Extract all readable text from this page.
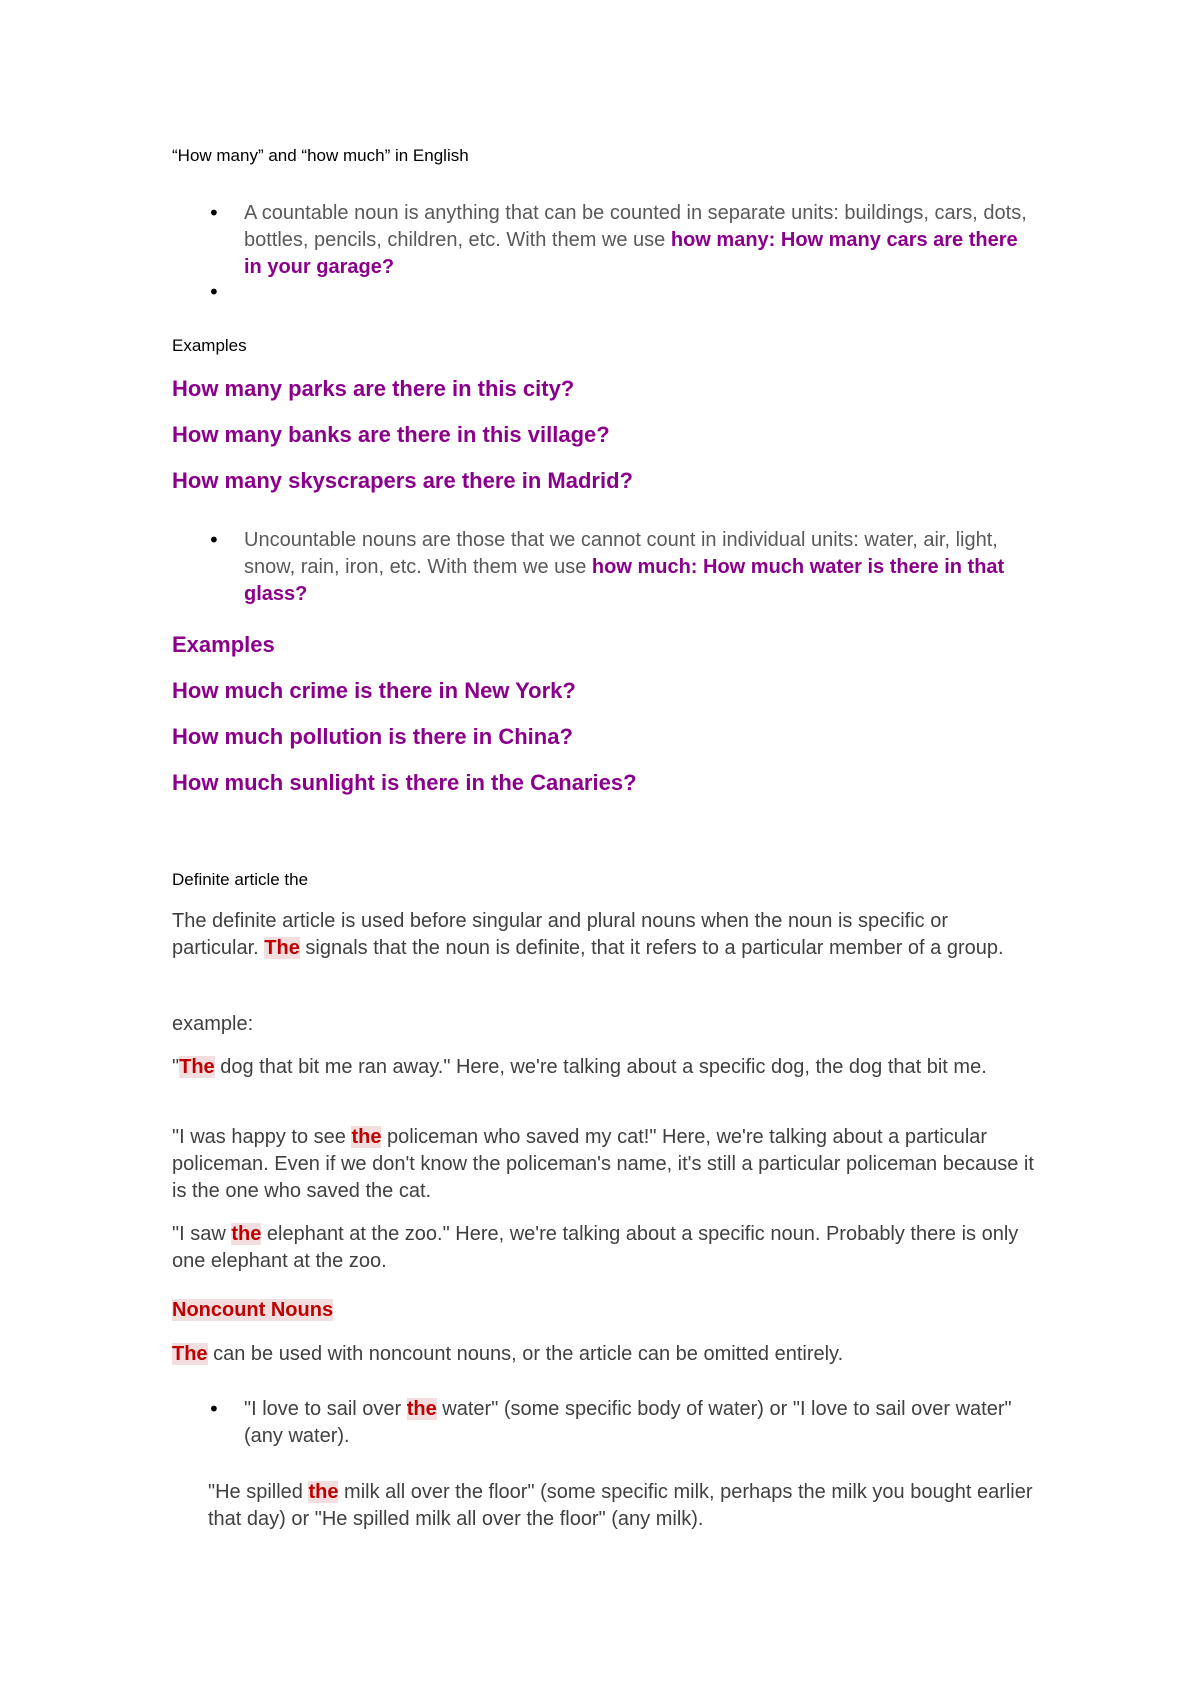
“How many” and “how much” in English
• A countable noun is anything that can be counted in separate units: buildings, cars, dots, bottles, pencils, children, etc. With them we use how many: How many cars are there in your garage?
•
Examples
How many parks are there in this city?
How many banks are there in this village?
How many skyscrapers are there in Madrid?
• Uncountable nouns are those that we cannot count in individual units: water, air, light, snow, rain, iron, etc. With them we use how much: How much water is there in that glass?
Examples
How much crime is there in New York?
How much pollution is there in China?
How much sunlight is there in the Canaries?
Definite article the
The definite article is used before singular and plural nouns when the noun is specific or particular. The signals that the noun is definite, that it refers to a particular member of a group.
example:
"The dog that bit me ran away." Here, we're talking about a specific dog, the dog that bit me.
"I was happy to see the policeman who saved my cat!" Here, we're talking about a particular policeman. Even if we don't know the policeman's name, it's still a particular policeman because it is the one who saved the cat.
"I saw the elephant at the zoo." Here, we're talking about a specific noun. Probably there is only one elephant at the zoo.
Noncount Nouns
The can be used with noncount nouns, or the article can be omitted entirely.
• "I love to sail over the water" (some specific body of water) or "I love to sail over water" (any water).
"He spilled the milk all over the floor" (some specific milk, perhaps the milk you bought earlier that day) or "He spilled milk all over the floor" (any milk).
